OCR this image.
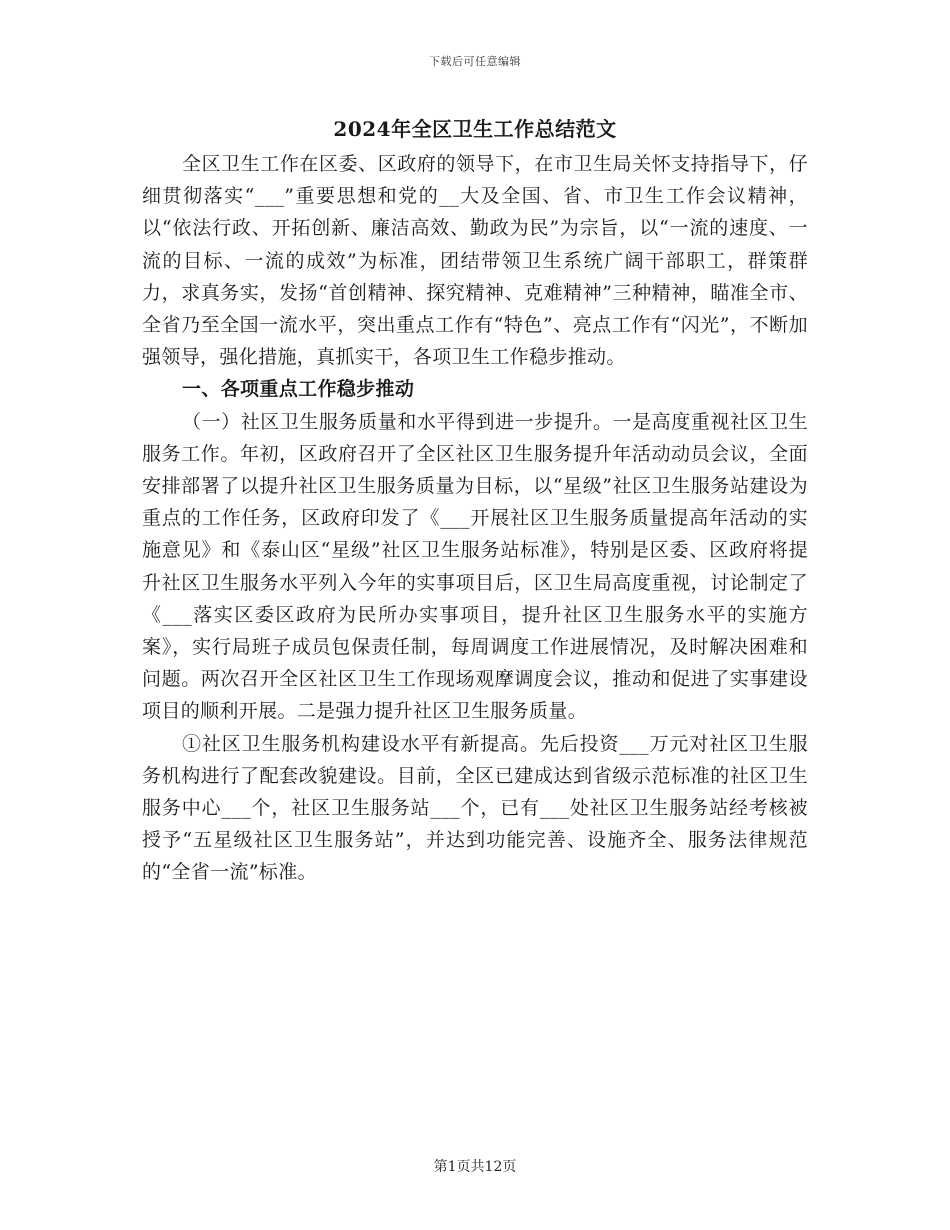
下载后可任意编辑
2024年全区卫生工作总结范文

全区卫生工作在区委、区政府的领导下，在市卫生局关怀支持指导下，仔细贯彻落实“___”重要思想和党的__大及全国、省、市卫生工作会议精神，以“依法行政、开拓创新、廉洁高效、勤政为民”为宗旨，以“一流的速度、一流的目标、一流的成效”为标准，团结带领卫生系统广阔干部职工，群策群力，求真务实，发扬“首创精神、探究精神、克难精神”三种精神，瞄准全市、全省乃至全国一流水平，突出重点工作有“特色”、亮点工作有“闪光”，不断加强领导，强化措施，真抓实干，各项卫生工作稳步推动。

一、各项重点工作稳步推动

（一）社区卫生服务质量和水平得到进一步提升。一是高度重视社区卫生服务工作。年初，区政府召开了全区社区卫生服务提升年活动动员会议，全面安排部署了以提升社区卫生服务质量为目标，以“星级”社区卫生服务站建设为重点的工作任务，区政府印发了《___开展社区卫生服务质量提高年活动的实施意见》和《泰山区“星级”社区卫生服务站标准》，特别是区委、区政府将提升社区卫生服务水平列入今年的实事项目后，区卫生局高度重视，讨论制定了《___落实区委区政府为民所办实事项目，提升社区卫生服务水平的实施方案》，实行局班子成员包保责任制，每周调度工作进展情况，及时解决困难和问题。两次召开全区社区卫生工作现场观摩调度会议，推动和促进了实事建设项目的顺利开展。二是强力提升社区卫生服务质量。

①社区卫生服务机构建设水平有新提高。先后投资___万元对社区卫生服务机构进行了配套改貌建设。目前，全区已建成达到省级示范标准的社区卫生服务中心___个，社区卫生服务站___个，已有___处社区卫生服务站经考核被授予“五星级社区卫生服务站”，并达到功能完善、设施齐全、服务法律规范的“全省一流”标准。

第1页共12页
